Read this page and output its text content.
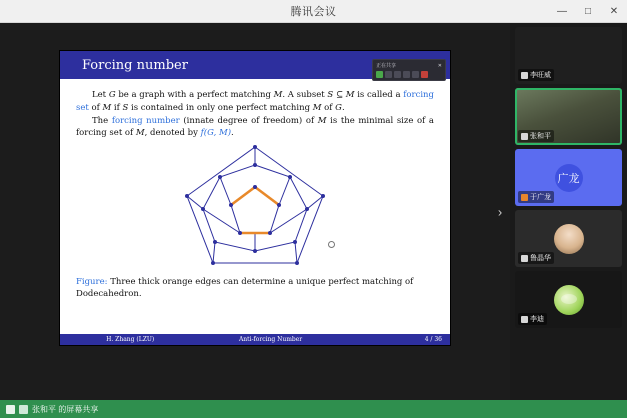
腾讯会议	—	□	✕
Forcing number
Let G be a graph with a perfect matching M. A subset S ⊆ M is called a forcing set of M if S is contained in only one perfect matching M of G.
The forcing number (innate degree of freedom) of M is the minimal size of a forcing set of M, denoted by f(G, M).
Figure: Three thick orange edges can determine a unique perfect matching of Dodecahedron.
H. Zhang (LZU)	Anti-forcing Number	4 / 36
正在共享	✕
›
李旺威
张和平
广龙
于广龙
鲁晶华
李迪
张和平 的屏幕共享
